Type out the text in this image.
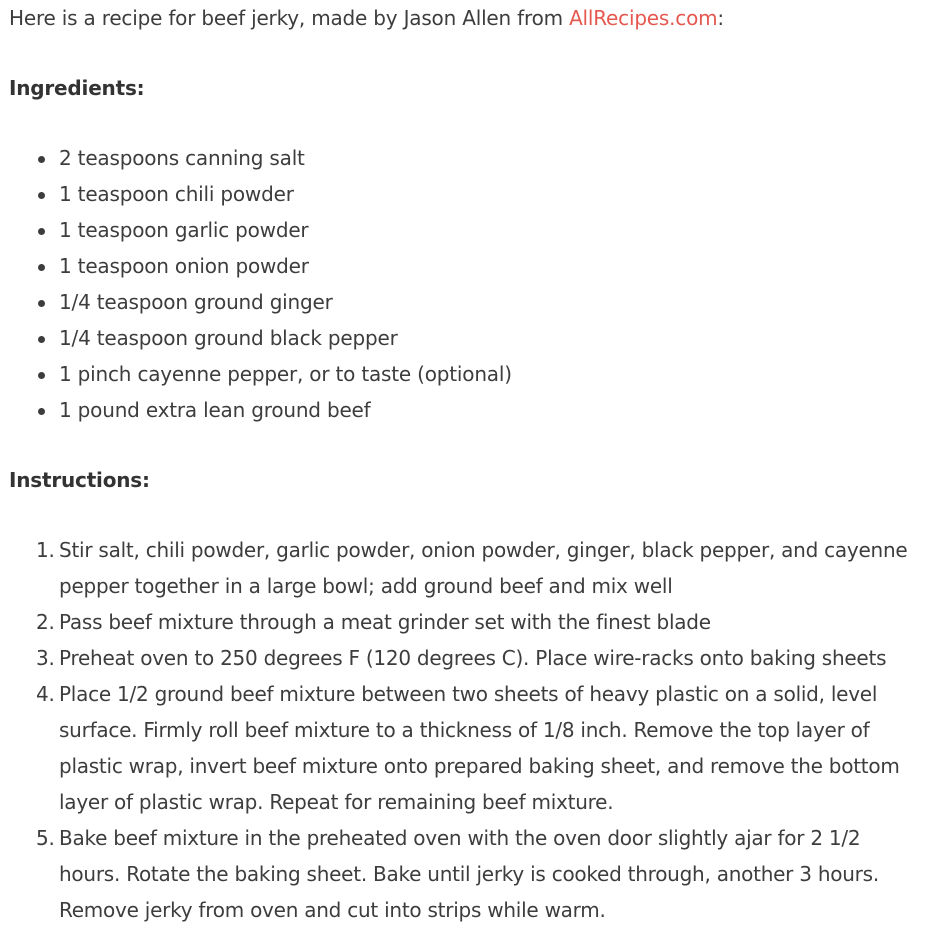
Here is a recipe for beef jerky, made by Jason Allen from AllRecipes.com:

Ingredients:
2 teaspoons canning salt
1 teaspoon chili powder
1 teaspoon garlic powder
1 teaspoon onion powder
1/4 teaspoon ground ginger
1/4 teaspoon ground black pepper
1 pinch cayenne pepper, or to taste (optional)
1 pound extra lean ground beef
Instructions:
1. Stir salt, chili powder, garlic powder, onion powder, ginger, black pepper, and cayenne pepper together in a large bowl; add ground beef and mix well
2. Pass beef mixture through a meat grinder set with the finest blade
3. Preheat oven to 250 degrees F (120 degrees C). Place wire-racks onto baking sheets
4. Place 1/2 ground beef mixture between two sheets of heavy plastic on a solid, level surface. Firmly roll beef mixture to a thickness of 1/8 inch. Remove the top layer of plastic wrap, invert beef mixture onto prepared baking sheet, and remove the bottom layer of plastic wrap. Repeat for remaining beef mixture.
5. Bake beef mixture in the preheated oven with the oven door slightly ajar for 2 1/2 hours. Rotate the baking sheet. Bake until jerky is cooked through, another 3 hours. Remove jerky from oven and cut into strips while warm.
